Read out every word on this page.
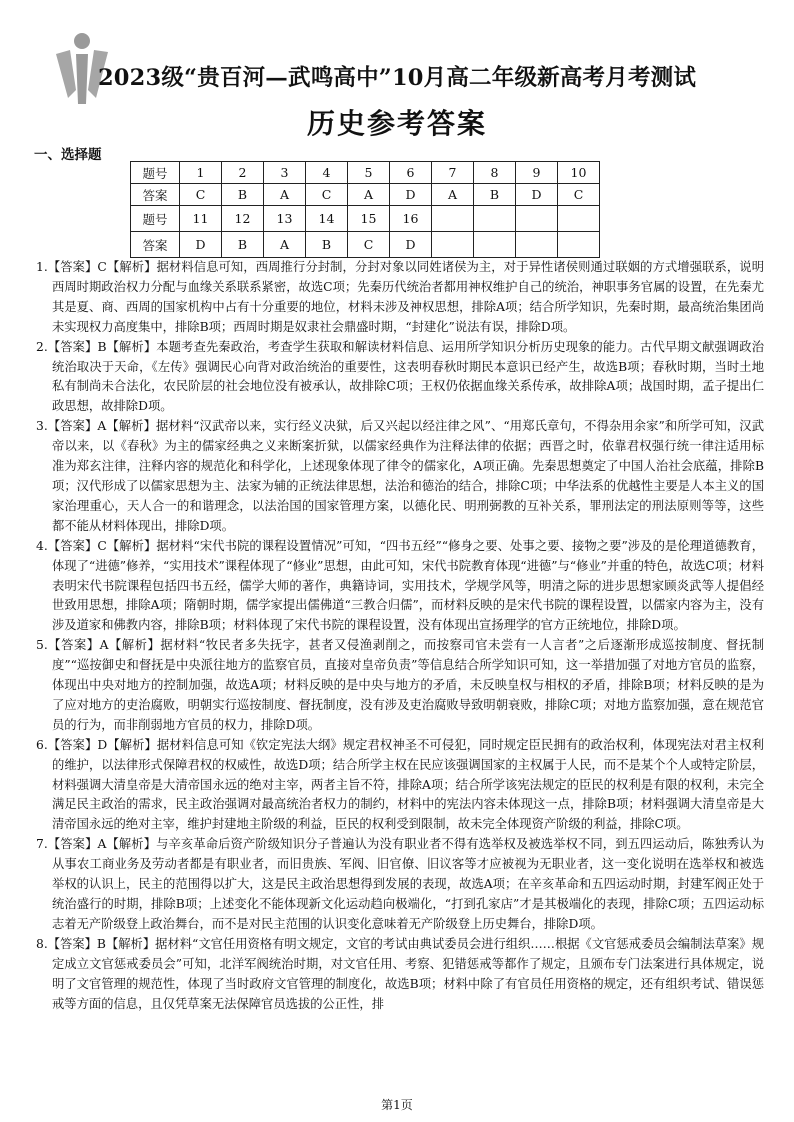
2023级“贵百河—武鸣高中”10月高二年级新高考月考测试
历史参考答案
一、选择题
题号	1	2	3	4	5	6	7	8	9	10
答案	C	B	A	C	A	D	A	B	D	C
题号	11	12	13	14	15	16				
答案	D	B	A	B	C	D				

1.【答案】C【解析】据材料信息可知，西周推行分封制，分封对象以同姓诸侯为主，对于异性诸侯则通过联姻的方式增强联系，说明西周时期政治权力分配与血缘关系联系紧密，故选C项；先秦历代统治者都用神权维护自己的统治，神职事务官属的设置，在先秦尤其是夏、商、西周的国家机构中占有十分重要的地位，材料未涉及神权思想，排除A项；结合所学知识，先秦时期，最高统治集团尚未实现权力高度集中，排除B项；西周时期是奴隶社会鼎盛时期，“封建化”说法有误，排除D项。

2.【答案】B【解析】本题考查先秦政治，考查学生获取和解读材料信息、运用所学知识分析历史现象的能力。古代早期文献强调政治统治取决于天命，《左传》强调民心向背对政治统治的重要性，这表明春秋时期民本意识已经产生，故选B项；春秋时期，当时土地私有制尚未合法化，农民阶层的社会地位没有被承认，故排除C项；王权仍依据血缘关系传承，故排除A项；战国时期，孟子提出仁政思想，故排除D项。

3.【答案】A【解析】据材料“汉武帝以来，实行经义决狱，后又兴起以经注律之风”、“用郑氏章句，不得杂用余家”和所学可知，汉武帝以来，以《春秋》为主的儒家经典之义来断案折狱，以儒家经典作为注释法律的依据；西晋之时，依靠君权强行统一律注适用标准为郑玄注律，注释内容的规范化和科学化，上述现象体现了律令的儒家化，A项正确。先秦思想奠定了中国人治社会底蕴，排除B项；汉代形成了以儒家思想为主、法家为辅的正统法律思想，法治和德治的结合，排除C项；中华法系的优越性主要是人本主义的国家治理重心，天人合一的和谐理念，以法治国的国家管理方案，以德化民、明刑弼教的互补关系，罪刑法定的刑法原则等等，这些都不能从材料体现出，排除D项。

4.【答案】C【解析】据材料“宋代书院的课程设置情况”可知，“四书五经”“修身之要、处事之要、接物之要”涉及的是伦理道德教育，体现了“进德”修养，“实用技术”课程体现了“修业”思想，由此可知，宋代书院教育体现“进德”与“修业”并重的特色，故选C项；材料表明宋代书院课程包括四书五经，儒学大师的著作，典籍诗词，实用技术，学规学风等，明清之际的进步思想家顾炎武等人提倡经世致用思想，排除A项；隋朝时期，儒学家提出儒佛道“三教合归儒”，而材料反映的是宋代书院的课程设置，以儒家内容为主，没有涉及道家和佛教内容，排除B项；材料体现了宋代书院的课程设置，没有体现出宣扬理学的官方正统地位，排除D项。

5.【答案】A【解析】据材料“牧民者多失抚字，甚者又侵渔剥削之，而按察司官未尝有一人言者”之后逐渐形成巡按制度、督抚制度”“巡按御史和督抚是中央派往地方的监察官员，直接对皇帝负责”等信息结合所学知识可知，这一举措加强了对地方官员的监察，体现出中央对地方的控制加强，故选A项；材料反映的是中央与地方的矛盾，未反映皇权与相权的矛盾，排除B项；材料反映的是为了应对地方的吏治腐败，明朝实行巡按制度、督抚制度，没有涉及吏治腐败导致明朝衰败，排除C项；对地方监察加强，意在规范官员的行为，而非削弱地方官员的权力，排除D项。

6.【答案】D【解析】据材料信息可知《钦定宪法大纲》规定君权神圣不可侵犯，同时规定臣民拥有的政治权利，体现宪法对君主权利的维护，以法律形式保障君权的权威性，故选D项；结合所学主权在民应该强调国家的主权属于人民，而不是某个个人或特定阶层，材料强调大清皇帝是大清帝国永远的绝对主宰，两者主旨不符，排除A项；结合所学该宪法规定的臣民的权利是有限的权利，未完全满足民主政治的需求，民主政治强调对最高统治者权力的制约，材料中的宪法内容未体现这一点，排除B项；材料强调大清皇帝是大清帝国永远的绝对主宰，维护封建地主阶级的利益，臣民的权利受到限制，故未完全体现资产阶级的利益，排除C项。

7.【答案】A【解析】与辛亥革命后资产阶级知识分子普遍认为没有职业者不得有选举权及被选举权不同，到五四运动后，陈独秀认为从事农工商业务及劳动者都是有职业者，而旧贵族、军阀、旧官僚、旧议客等才应被视为无职业者，这一变化说明在选举权和被选举权的认识上，民主的范围得以扩大，这是民主政治思想得到发展的表现，故选A项；在辛亥革命和五四运动时期，封建军阀正处于统治盛行的时期，排除B项；上述变化不能体现新文化运动趋向极端化，“打到孔家店”才是其极端化的表现，排除C项；五四运动标志着无产阶级登上政治舞台，而不是对民主范围的认识变化意味着无产阶级登上历史舞台，排除D项。

8.【答案】B【解析】据材料“文官任用资格有明文规定，文官的考试由典试委员会进行组织……根据《文官惩戒委员会编制法草案》规定成立文官惩戒委员会”可知，北洋军阀统治时期，对文官任用、考察、犯错惩戒等都作了规定，且颁布专门法案进行具体规定，说明了文官管理的规范性，体现了当时政府文官管理的制度化，故选B项；材料中除了有官员任用资格的规定，还有组织考试、错误惩戒等方面的信息，且仅凭草案无法保障官员选拔的公正性，排

第1页
